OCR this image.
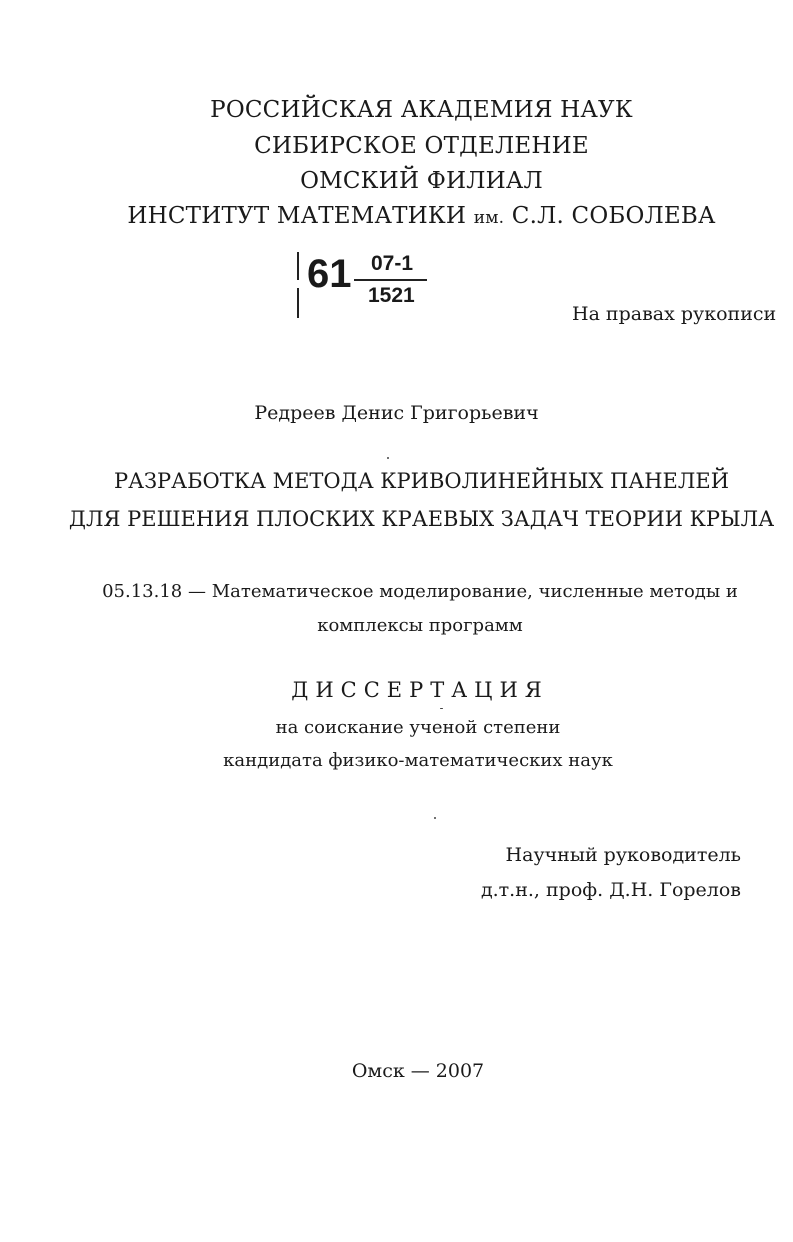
РОССИЙСКАЯ АКАДЕМИЯ НАУК
СИБИРСКОЕ ОТДЕЛЕНИЕ
ОМСКИЙ ФИЛИАЛ
ИНСТИТУТ МАТЕМАТИКИ им. С.Л. СОБОЛЕВА
61 07-1
1521
На правах рукописи
Редреев Денис Григорьевич
РАЗРАБОТКА МЕТОДА КРИВОЛИНЕЙНЫХ ПАНЕЛЕЙ
ДЛЯ РЕШЕНИЯ ПЛОСКИХ КРАЕВЫХ ЗАДАЧ ТЕОРИИ КРЫЛА
05.13.18 — Математическое моделирование, численные методы и комплексы программ
ДИССЕРТАЦИЯ
на соискание ученой степени
кандидата физико-математических наук
Научный руководитель
д.т.н., проф. Д.Н. Горелов
Омск — 2007
